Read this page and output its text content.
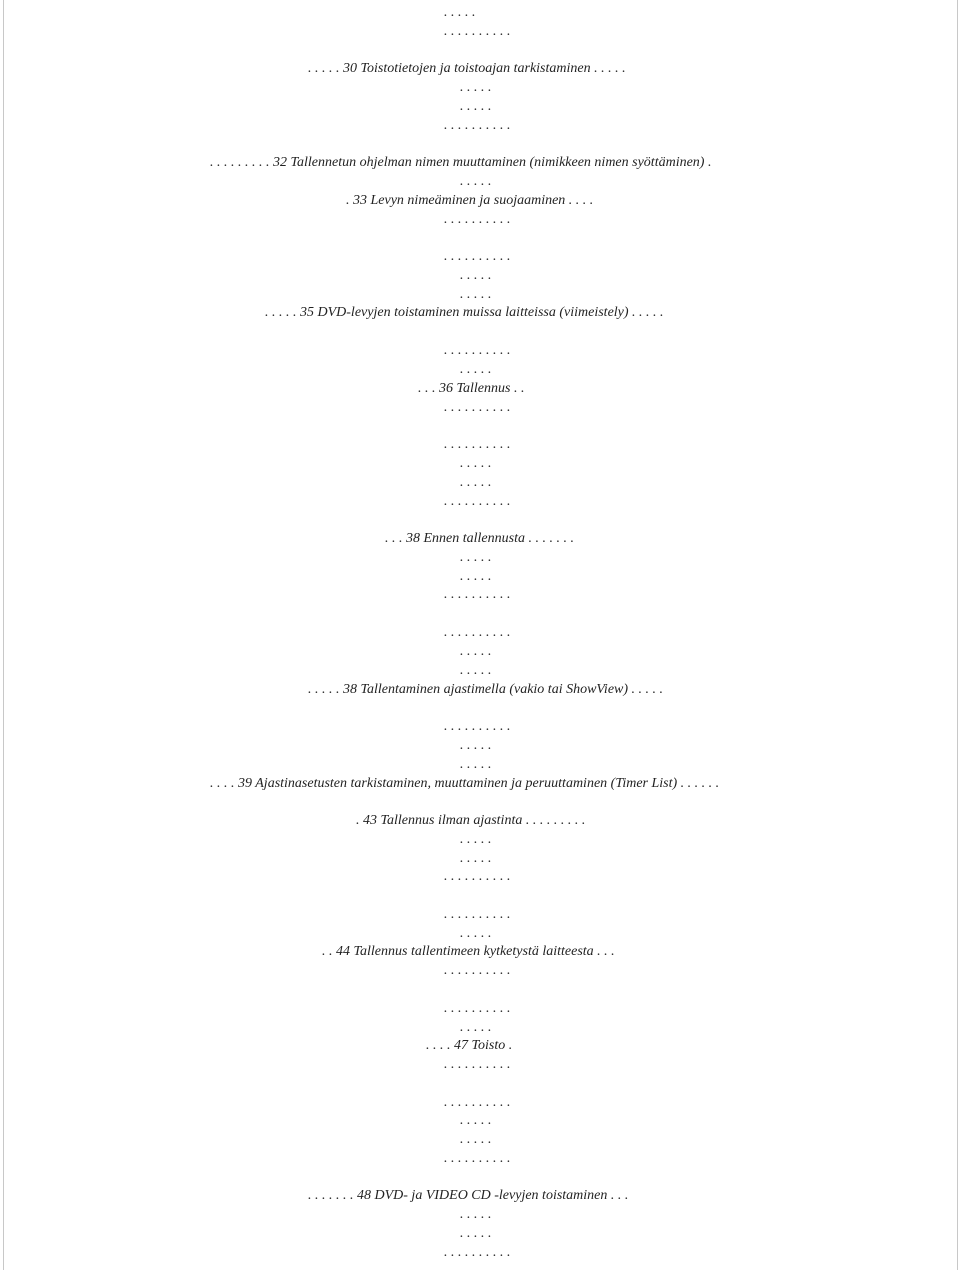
. . . . .
. . . . . . . . . .
. . . . . 30 Toistotietojen ja toistoajan tarkistaminen . . . . .
. . . . .
. . . . .
. . . . . . . . . .
. . . . . . . . . 32 Tallennetun ohjelman nimen muuttaminen (nimikkeen nimen syöttäminen) .
. . . . .
. 33 Levyn nimeäminen ja suojaaminen . . . .
. . . . . . . . . .
. . . . . . . . . .
. . . . .
. . . . .
. . . . . 35 DVD-levyjen toistaminen muissa laitteissa (viimeistely) . . . . .
. . . . . . . . . .
. . . . .
. . . 36 Tallennus . .
. . . . . . . . . .
. . . . . . . . . .
. . . . .
. . . . .
. . . . . . . . . .
. . . 38 Ennen tallennusta . . . . . . .
. . . . .
. . . . .
. . . . . . . . . .
. . . . . . . . . .
. . . . .
. . . . .
. . . . . 38 Tallentaminen ajastimella (vakio tai ShowView) . . . . .
. . . . . . . . . .
. . . . .
. . . . .
. . . . 39 Ajastinasetusten tarkistaminen, muuttaminen ja peruuttaminen (Timer List) . . . . . .
. 43 Tallennus ilman ajastinta . . . . . . . . .
. . . . .
. . . . .
. . . . . . . . . .
. . . . . . . . . .
. . . . .
. . 44 Tallennus tallentimeen kytketystä laitteesta . . .
. . . . . . . . . .
. . . . . . . . . .
. . . . .
. . . . 47 Toisto .
. . . . . . . . . .
. . . . . . . . . .
. . . . .
. . . . .
. . . . . . . . . .
. . . . . . . 48 DVD- ja VIDEO CD -levyjen toistaminen . . .
. . . . .
. . . . .
. . . . . . . . . .
